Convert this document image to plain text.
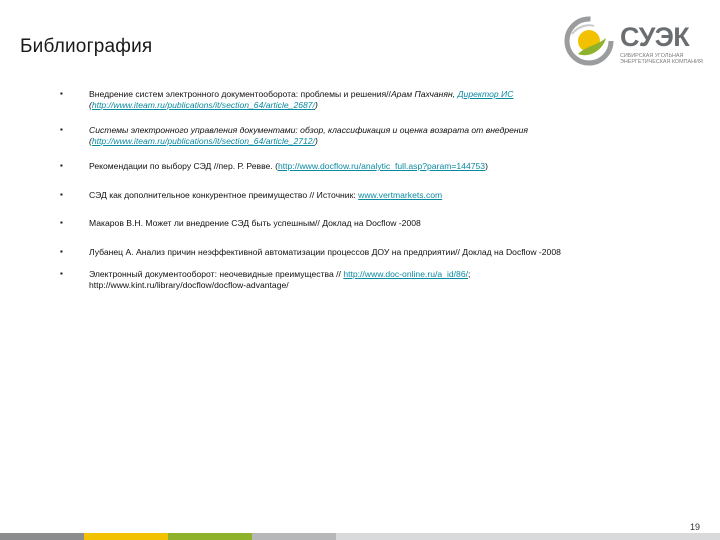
Библиография	СУЭК
СИБИРСКАЯ УГОЛЬНАЯ ЭНЕРГЕТИЧЕСКАЯ КОМПАНИЯ
▪	Внедрение систем электронного документооборота: проблемы и решения//Арам Пахчанян, Директор ИС
(http://www.iteam.ru/publications/it/section_64/article_2687/)
▪	Системы электронного управления документами: обзор, классификация и оценка возврата от внедрения
(http://www.iteam.ru/publications/it/section_64/article_2712/)
▪	Рекомендации по выбору СЭД //пер. Р. Ревве. (http://www.docflow.ru/analytic_full.asp?param=144753)
▪	СЭД как дополнительное конкурентное преимущество // Источник: www.vertmarkets.com
▪	Макаров В.Н. Может ли внедрение СЭД быть успешным// Доклад на Docflow -2008
▪	Лубанец А. Анализ причин неэффективной автоматизации процессов ДОУ на предприятии// Доклад на Docflow -2008
▪	Электронный документооборот: неочевидные преимущества // http://www.doc-online.ru/a_id/86/;
http://www.kint.ru/library/docflow/docflow-advantage/
19
